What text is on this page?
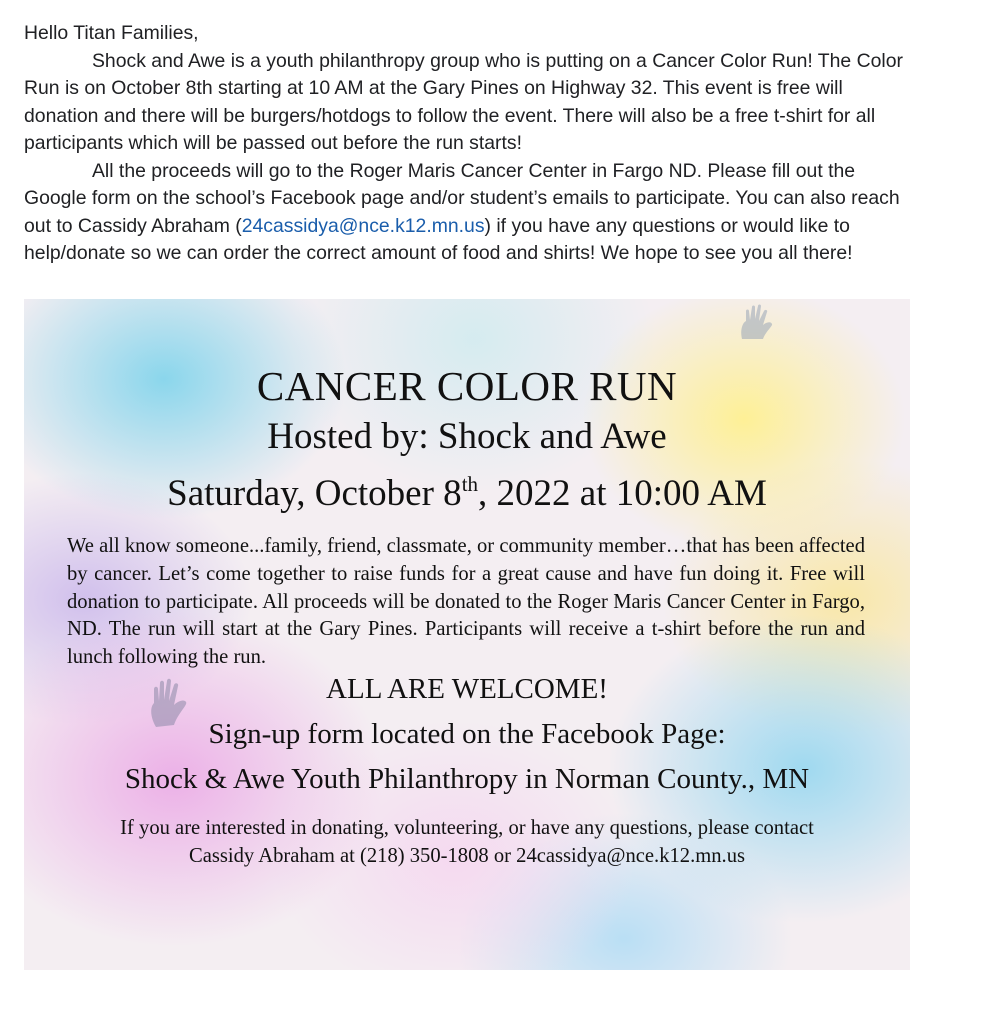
Hello Titan Families,

Shock and Awe is a youth philanthropy group who is putting on a Cancer Color Run! The Color Run is on October 8th starting at 10 AM at the Gary Pines on Highway 32. This event is free will donation and there will be burgers/hotdogs to follow the event. There will also be a free t-shirt for all participants which will be passed out before the run starts!

All the proceeds will go to the Roger Maris Cancer Center in Fargo ND. Please fill out the Google form on the school’s Facebook page and/or student’s emails to participate. You can also reach out to Cassidy Abraham (24cassidya@nce.k12.mn.us) if you have any questions or would like to help/donate so we can order the correct amount of food and shirts! We hope to see you all there!

CANCER COLOR RUN
Hosted by: Shock and Awe
Saturday, October 8th, 2022 at 10:00 AM
We all know someone...family, friend, classmate, or community member…that has been affected by cancer. Let’s come together to raise funds for a great cause and have fun doing it. Free will donation to participate. All proceeds will be donated to the Roger Maris Cancer Center in Fargo, ND. The run will start at the Gary Pines. Participants will receive a t-shirt before the run and lunch following the run.
ALL ARE WELCOME!
Sign-up form located on the Facebook Page:
Shock & Awe Youth Philanthropy in Norman County., MN
If you are interested in donating, volunteering, or have any questions, please contact
Cassidy Abraham at (218) 350-1808 or 24cassidya@nce.k12.mn.us
